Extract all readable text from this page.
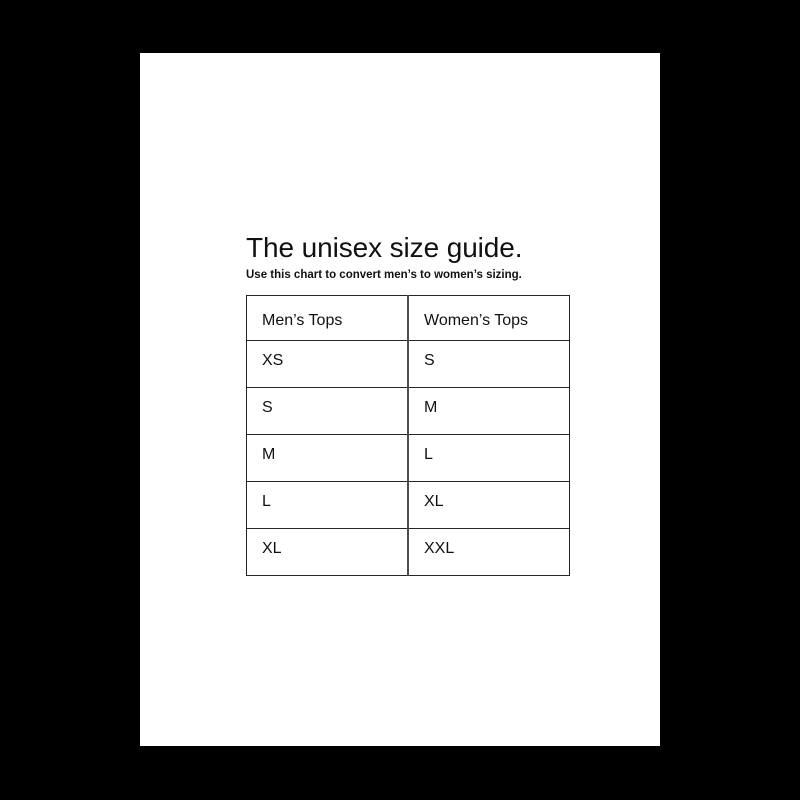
The unisex size guide.

Use this chart to convert men’s to women’s sizing.

Men’s Tops	Women’s Tops
XS	S
S	M
M	L
L	XL
XL	XXL
